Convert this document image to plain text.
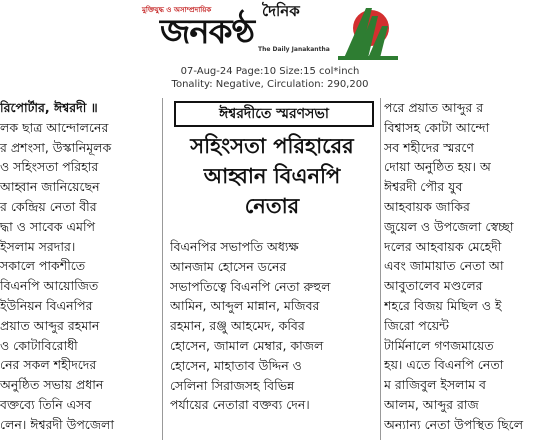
মুক্তিযুদ্ধ ও অসাম্প্রদায়িক	দৈনিক
জনকণ্ঠ The Daily Janakantha
07-Aug-24 Page:10 Size:15 col*inch
Tonality: Negative, Circulation: 290,200
রিপোর্টার, ঈশ্বরদী ॥
লক ছাত্র আন্দোলনের
র প্রশংসা, উস্কানিমূলক
ও সহিংসতা পরিহার
আহ্বান জানিয়েছেন
র কেন্দ্রিয় নেতা বীর
দ্ধা ও সাবেক এমপি
ইসলাম সরদার।
সকালে পাকশীতে
বিএনপি আয়োজিত
ইউনিয়ন বিএনপির
প্রয়াত আব্দুর রহমান
ও কোটাবিরোধী
নের সকল শহীদদের
অনুষ্ঠিত সভায় প্রধান
বক্তব্যে তিনি এসব
লেন। ঈশ্বরদী উপজেলা
ঈশ্বরদীতে স্মরণসভা
সহিংসতা পরিহারের
আহ্বান বিএনপি
নেতার
বিএনপির সভাপতি অধ্যক্ষ
আনজাম হোসেন ডনের
সভাপতিত্বে বিএনপি নেতা রুহুল
আমিন, আব্দুল মান্নান, মজিবর
রহমান, রঞ্জু আহমেদ, কবির
হোসেন, জামাল মেম্বার, কাজল
হোসেন, মাহাতাব উদ্দিন ও
সেলিনা সিরাজসহ বিভিন্ন
পর্যায়ের নেতারা বক্তব্য দেন।
পরে প্রয়াত আব্দুর র
বিশ্বাসহ কোটা আন্দো
সব শহীদের স্মরণে
দোয়া অনুষ্ঠিত হয়। অ
ঈশ্বরদী পৌর যুব
আহবায়ক জাকির
জুয়েল ও উপজেলা স্বেচ্ছা
দলের আহবায়ক মেহেদী
এবং জামায়াত নেতা আ
আবুতালেব মণ্ডলের
শহরে বিজয় মিছিল ও ই
জিরো পয়েন্ট
টার্মিনালে গণজমায়েত
হয়। এতে বিএনপি নেতা
ম রাজিবুল ইসলাম ব
আলম, আব্দুর রাজ
অন্যান্য নেতা উপস্থিত ছিলে
